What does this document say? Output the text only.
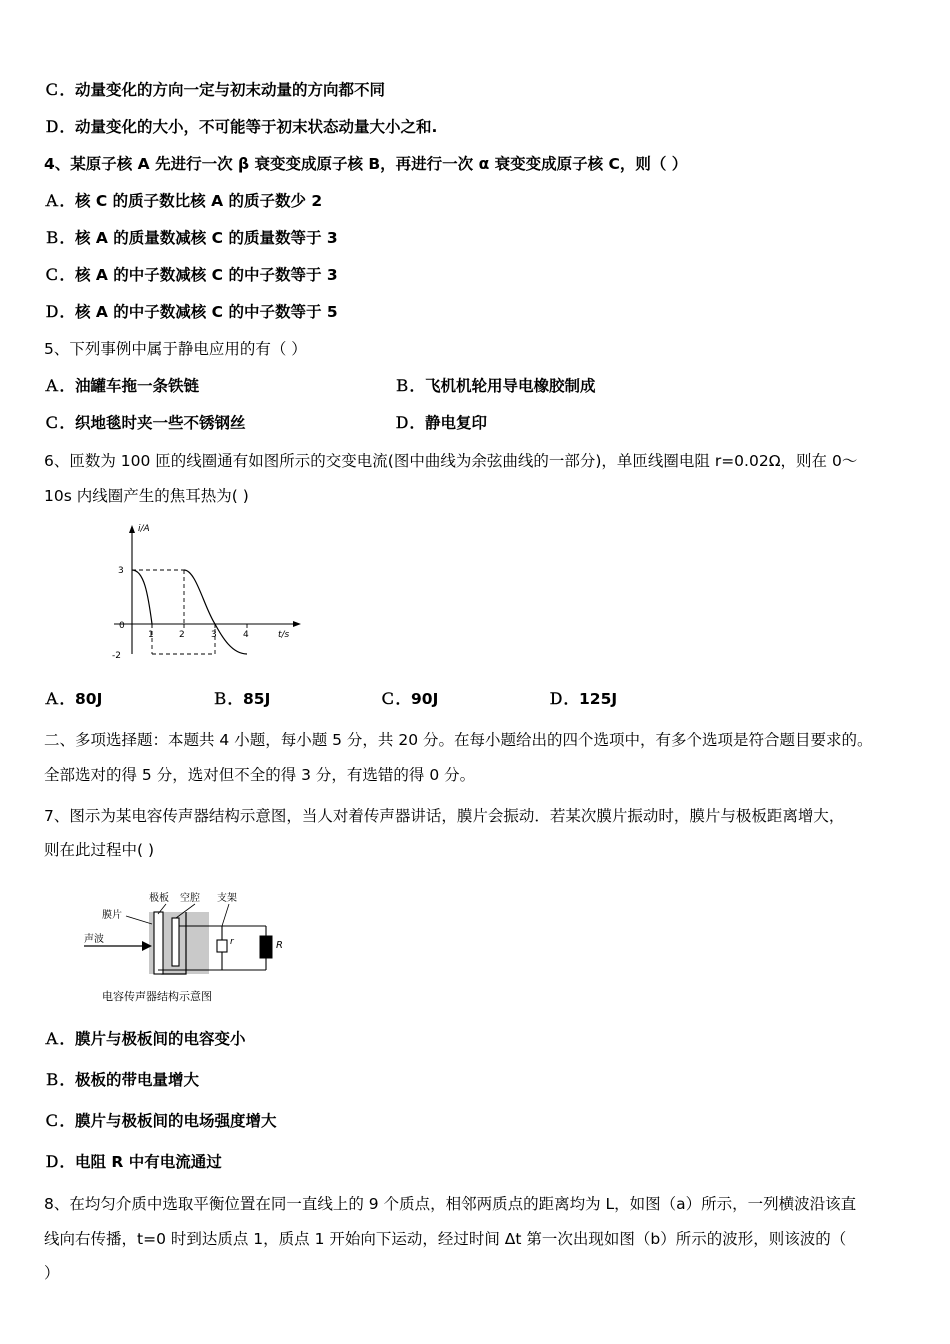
Ｃ．动量变化的方向一定与初末动量的方向都不同
Ｄ．动量变化的大小，不可能等于初末状态动量大小之和.
4、某原子核 A 先进行一次 β 衰变变成原子核 B，再进行一次 α 衰变变成原子核 C，则（ ）
Ａ．核 C 的质子数比核 A 的质子数少 2
Ｂ．核 A 的质量数减核 C 的质量数等于 3
Ｃ．核 A 的中子数减核 C 的中子数等于 3
Ｄ．核 A 的中子数减核 C 的中子数等于 5
5、下列事例中属于静电应用的有（ ）
Ａ．油罐车拖一条铁链	Ｂ．飞机机轮用导电橡胶制成
Ｃ．织地毯时夹一些不锈钢丝	Ｄ．静电复印
6、匝数为 100 匝的线圈通有如图所示的交变电流(图中曲线为余弦曲线的一部分)，单匝线圈电阻 r=0.02Ω，则在 0～
10s 内线圈产生的焦耳热为( )
i/A
t/s
3
0
-2
1	2	3	4
Ａ．80J	Ｂ．85J	Ｃ．90J	Ｄ．125J
二、多项选择题：本题共 4 小题，每小题 5 分，共 20 分。在每小题给出的四个选项中，有多个选项是符合题目要求的。
全部选对的得 5 分，选对但不全的得 3 分，有选错的得 0 分。
7、图示为某电容传声器结构示意图，当人对着传声器讲话，膜片会振动．若某次膜片振动时，膜片与极板距离增大，
则在此过程中( )
r	R
极板 空腔 支架
膜片
声波
电容传声器结构示意图
Ａ．膜片与极板间的电容变小
Ｂ．极板的带电量增大
Ｃ．膜片与极板间的电场强度增大
Ｄ．电阻 R 中有电流通过
8、在均匀介质中选取平衡位置在同一直线上的 9 个质点，相邻两质点的距离均为 L，如图（a）所示，一列横波沿该直
线向右传播，t=0 时到达质点 1，质点 1 开始向下运动，经过时间 Δt 第一次出现如图（b）所示的波形，则该波的（
）
